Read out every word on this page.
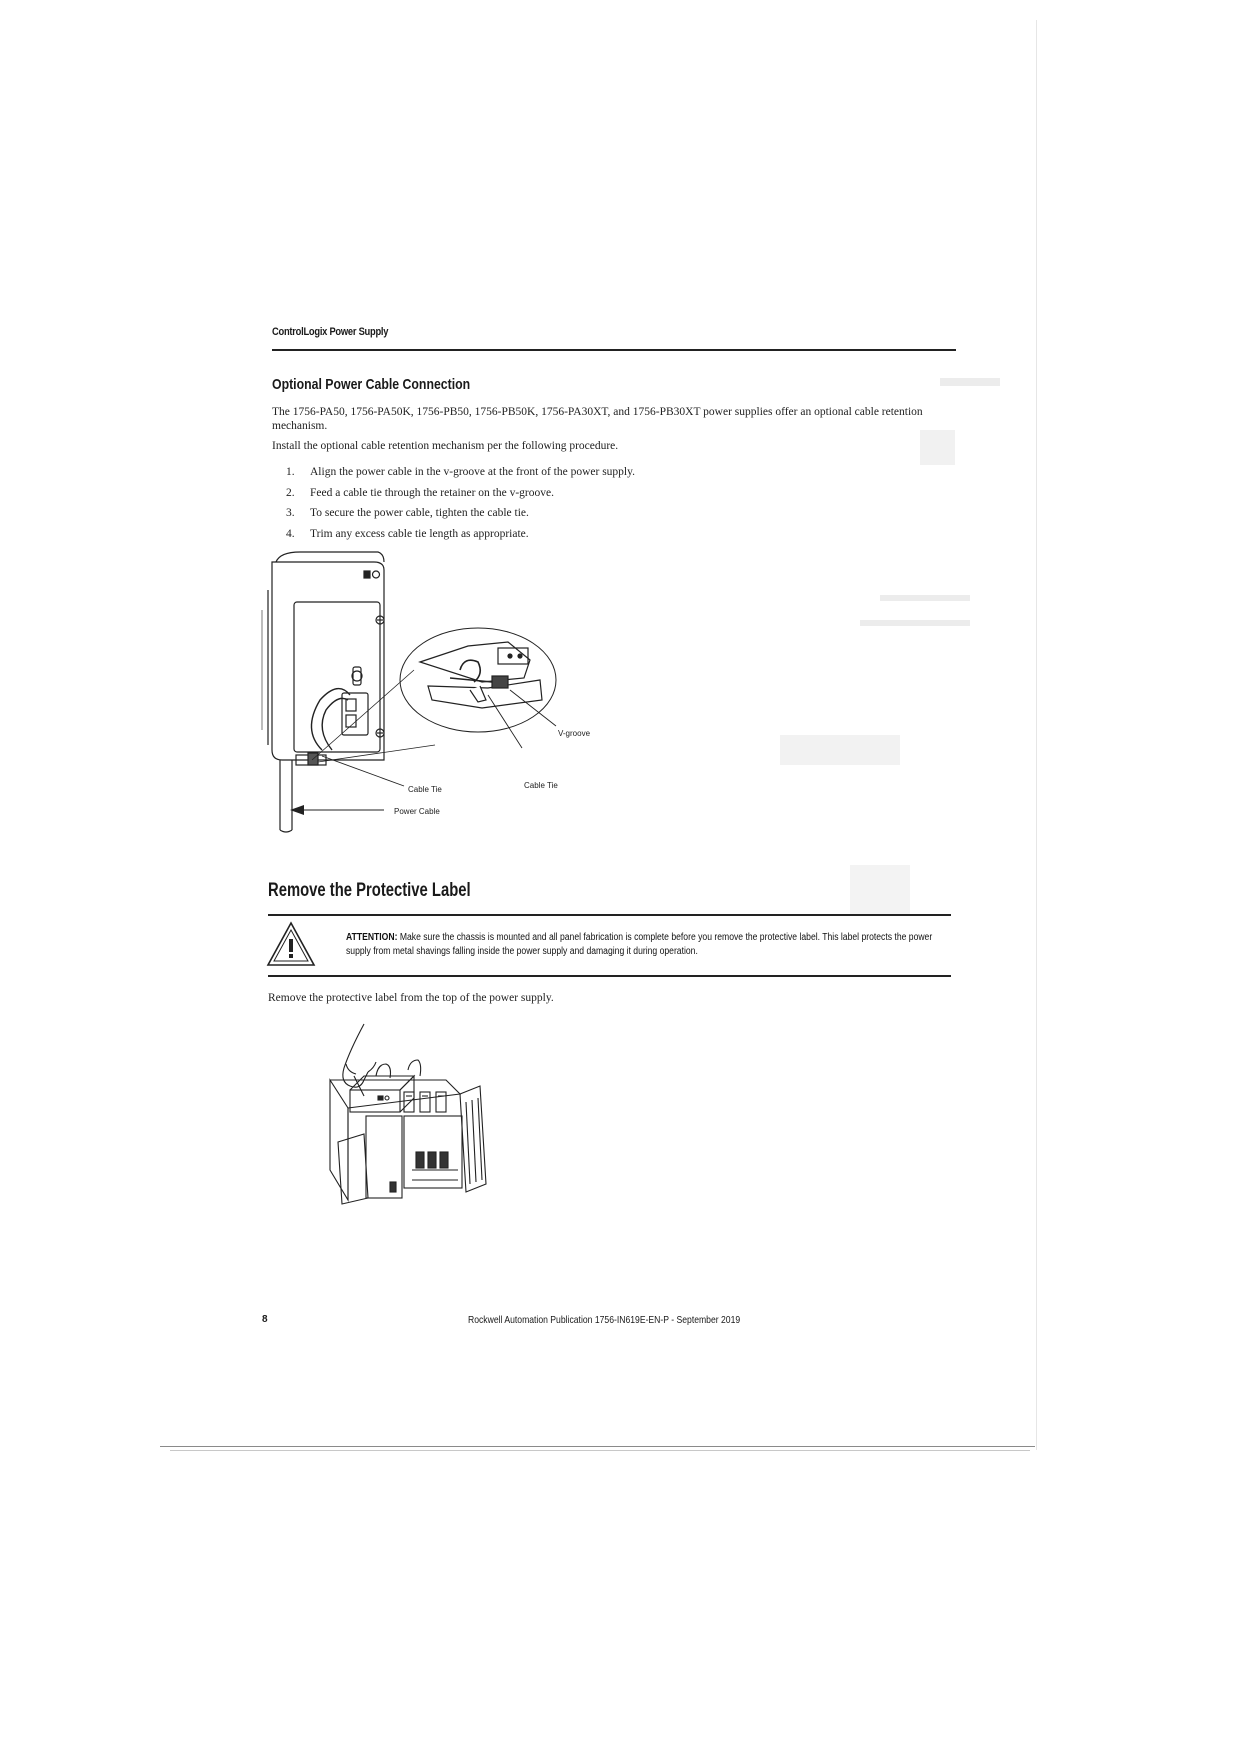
ControlLogix Power Supply
Optional Power Cable Connection

The 1756-PA50, 1756-PA50K, 1756-PB50, 1756-PB50K, 1756-PA30XT, and 1756-PB30XT power supplies offer an optional cable retention mechanism.

Install the optional cable retention mechanism per the following procedure.

1.	Align the power cable in the v-groove at the front of the power supply.
2.	Feed a cable tie through the retainer on the v-groove.
3.	To secure the power cable, tighten the cable tie.
4.	Trim any excess cable tie length as appropriate.
V-groove
Cable Tie	Cable Tie
Power Cable
Remove the Protective Label
ATTENTION: Make sure the chassis is mounted and all panel fabrication is complete before you remove the protective label. This label protects the power supply from metal shavings falling inside the power supply and damaging it during operation.

Remove the protective label from the top of the power supply.

8	Rockwell Automation Publication 1756-IN619E-EN-P - September 2019
